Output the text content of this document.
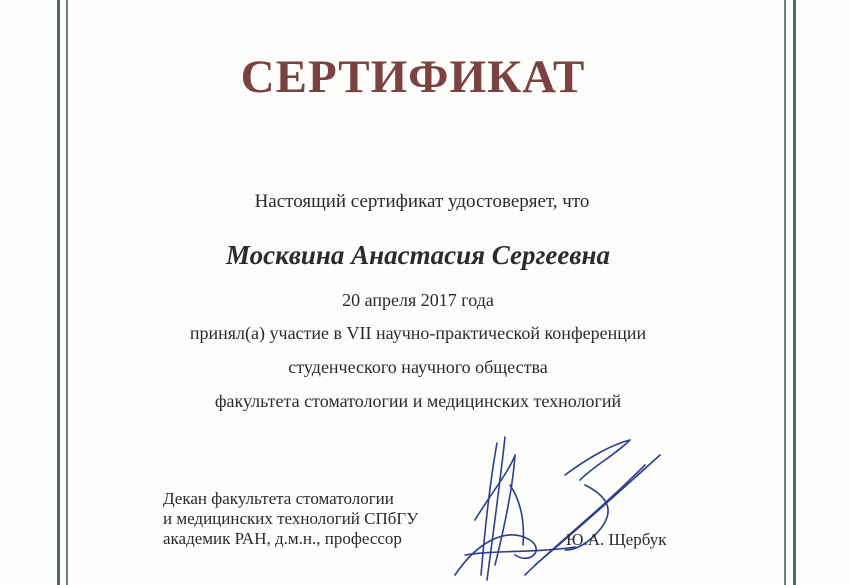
СЕРТИФИКАТ
Настоящий сертификат удостоверяет, что
Москвина Анастасия Сергеевна
20 апреля 2017 года
принял(а) участие в VII научно-практической конференции
студенческого научного общества
факультета стоматологии и медицинских технологий
Декан факультета стоматологии
и медицинских технологий СПбГУ
академик РАН, д.м.н., профессор	Ю.А. Щербук
